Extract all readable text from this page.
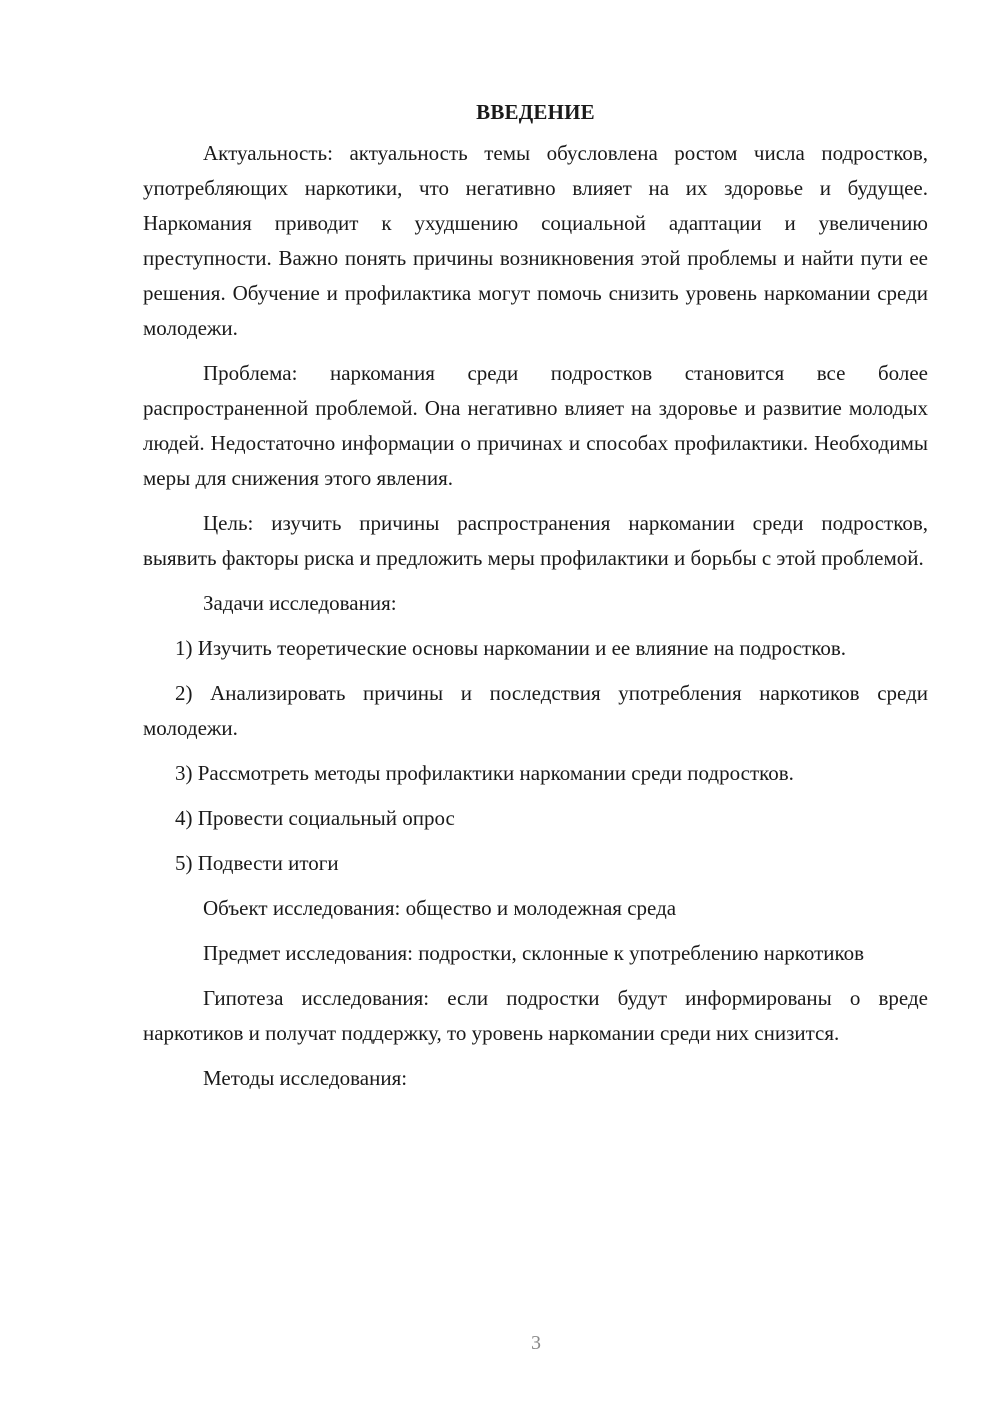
ВВЕДЕНИЕ

Актуальность: актуальность темы обусловлена ростом числа подростков, употребляющих наркотики, что негативно влияет на их здоровье и будущее. Наркомания приводит к ухудшению социальной адаптации и увеличению преступности. Важно понять причины возникновения этой проблемы и найти пути ее решения. Обучение и профилактика могут помочь снизить уровень наркомании среди молодежи.

Проблема: наркомания среди подростков становится все более распространенной проблемой. Она негативно влияет на здоровье и развитие молодых людей. Недостаточно информации о причинах и способах профилактики. Необходимы меры для снижения этого явления.

Цель: изучить причины распространения наркомании среди подростков, выявить факторы риска и предложить меры профилактики и борьбы с этой проблемой.

Задачи исследования:

1) Изучить теоретические основы наркомании и ее влияние на подростков.

2) Анализировать причины и последствия употребления наркотиков среди молодежи.

3) Рассмотреть методы профилактики наркомании среди подростков.

4) Провести социальный опрос

5) Подвести итоги

Объект исследования: общество и молодежная среда

Предмет исследования: подростки, склонные к употреблению наркотиков

Гипотеза исследования: если подростки будут информированы о вреде наркотиков и получат поддержку, то уровень наркомании среди них снизится.

Методы исследования:

3
